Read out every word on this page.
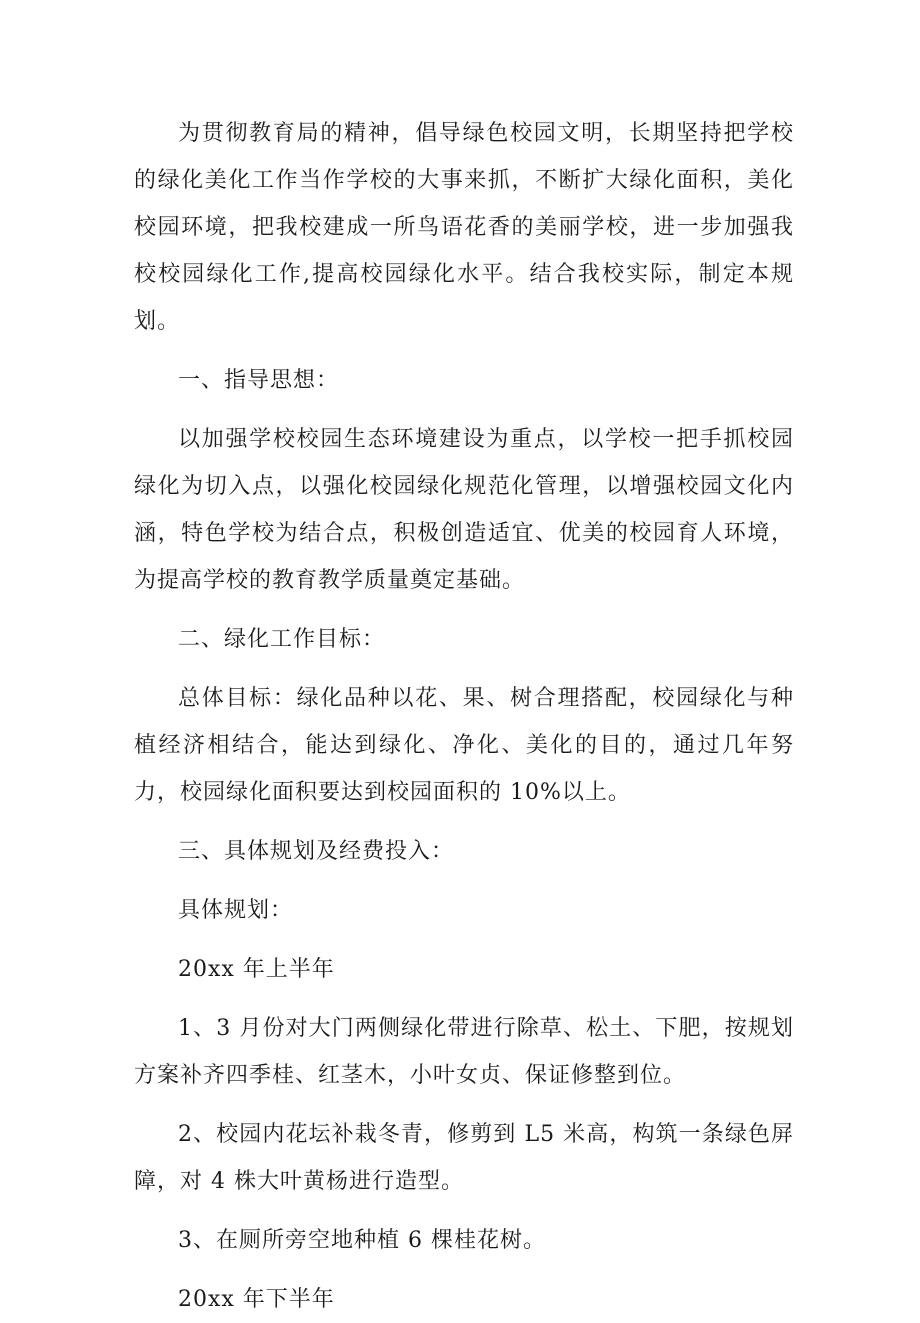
为贯彻教育局的精神，倡导绿色校园文明，长期坚持把学校的绿化美化工作当作学校的大事来抓，不断扩大绿化面积，美化校园环境，把我校建成一所鸟语花香的美丽学校，进一步加强我校校园绿化工作,提高校园绿化水平。结合我校实际，制定本规划。

一、指导思想：

以加强学校校园生态环境建设为重点，以学校一把手抓校园绿化为切入点，以强化校园绿化规范化管理，以增强校园文化内涵，特色学校为结合点，积极创造适宜、优美的校园育人环境，为提高学校的教育教学质量奠定基础。

二、绿化工作目标：

总体目标：绿化品种以花、果、树合理搭配，校园绿化与种植经济相结合，能达到绿化、净化、美化的目的，通过几年努力，校园绿化面积要达到校园面积的 10%以上。

三、具体规划及经费投入：

具体规划：

20xx 年上半年

1、3 月份对大门两侧绿化带进行除草、松土、下肥，按规划方案补齐四季桂、红茎木，小叶女贞、保证修整到位。

2、校园内花坛补栽冬青，修剪到 L5 米高，构筑一条绿色屏障，对 4 株大叶黄杨进行造型。

3、在厕所旁空地种植 6 棵桂花树。

20xx 年下半年
